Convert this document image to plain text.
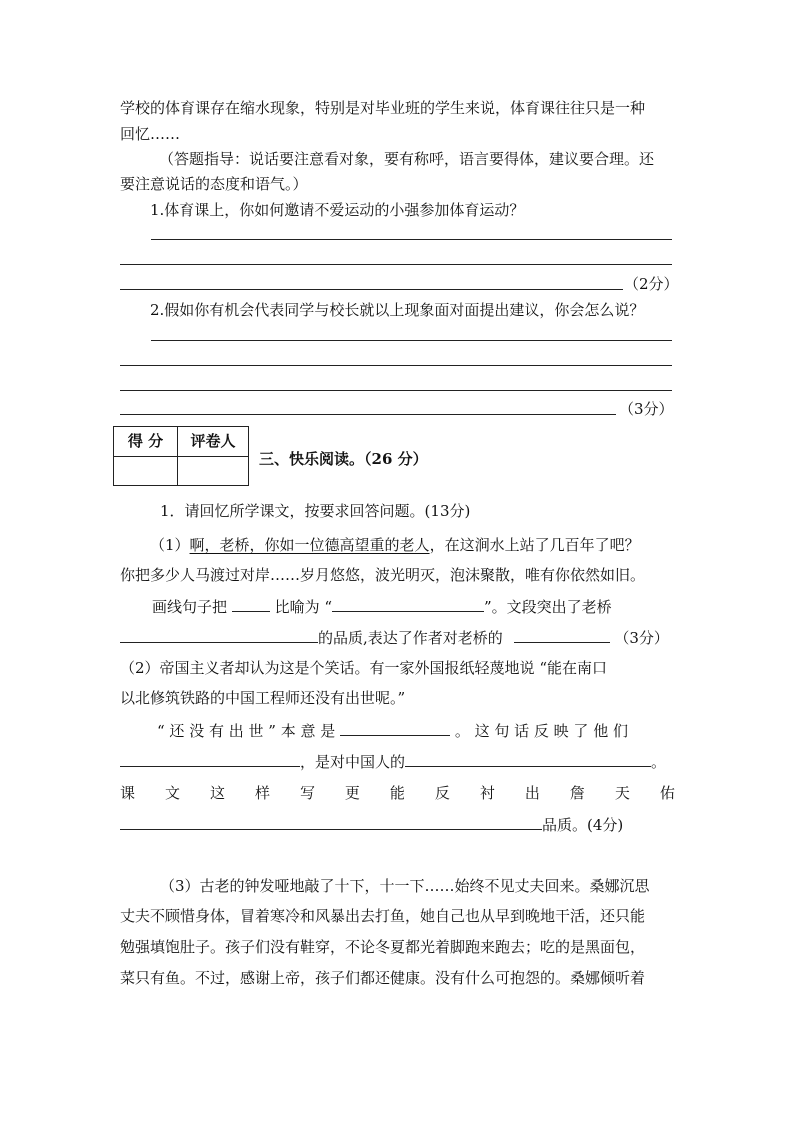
学校的体育课存在缩水现象，特别是对毕业班的学生来说，体育课往往只是一种
回忆……
（答题指导：说话要注意看对象，要有称呼，语言要得体，建议要合理。还
要注意说话的态度和语气。）
1.体育课上，你如何邀请不爱运动的小强参加体育运动？
（2分）
2.假如你有机会代表同学与校长就以上现象面对面提出建议，你会怎么说？
（3分）
得 分	评卷人
三、快乐阅读。（26 分）
1．请回忆所学课文，按要求回答问题。(13分)
（1）啊，老桥，你如一位德高望重的老人，在这涧水上站了几百年了吧？
你把多少人马渡过对岸……岁月悠悠，波光明灭，泡沫聚散，唯有你依然如旧。
画线句子把	比喻为 “	”。文段突出了老桥
的品质,表达了作者对老桥的	（3分）
（2）帝国主义者却认为这是个笑话。有一家外国报纸轻蔑地说 “能在南口
以北修筑铁路的中国工程师还没有出世呢。”
“ 还 没 有 出 世 ” 本 意 是	。 这 句 话 反 映 了 他 们
，是对中国人的	。
课 文 这 样 写 更 能 反 衬 出 詹 天 佑
品质。(4分)
（3）古老的钟发哑地敲了十下，十一下……始终不见丈夫回来。桑娜沉思
丈夫不顾惜身体，冒着寒冷和风暴出去打鱼，她自己也从早到晚地干活，还只能
勉强填饱肚子。孩子们没有鞋穿，不论冬夏都光着脚跑来跑去；吃的是黑面包，
菜只有鱼。不过，感谢上帝，孩子们都还健康。没有什么可抱怨的。桑娜倾听着
